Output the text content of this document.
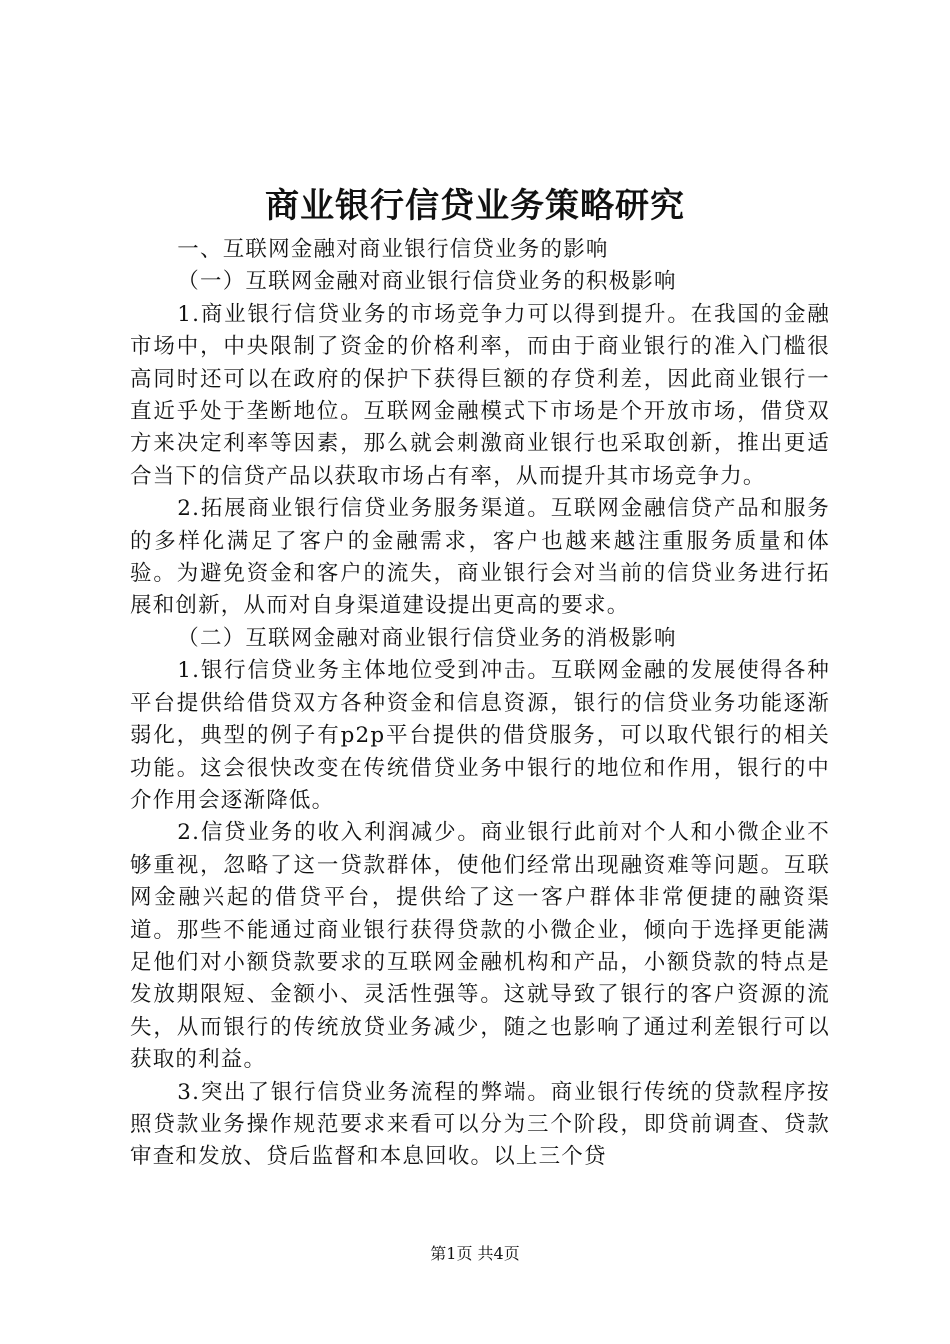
商业银行信贷业务策略研究

一、互联网金融对商业银行信贷业务的影响

（一）互联网金融对商业银行信贷业务的积极影响

1.商业银行信贷业务的市场竞争力可以得到提升。在我国的金融市场中，中央限制了资金的价格利率，而由于商业银行的准入门槛很高同时还可以在政府的保护下获得巨额的存贷利差，因此商业银行一直近乎处于垄断地位。互联网金融模式下市场是个开放市场，借贷双方来决定利率等因素，那么就会刺激商业银行也采取创新，推出更适合当下的信贷产品以获取市场占有率，从而提升其市场竞争力。

2.拓展商业银行信贷业务服务渠道。互联网金融信贷产品和服务的多样化满足了客户的金融需求，客户也越来越注重服务质量和体验。为避免资金和客户的流失，商业银行会对当前的信贷业务进行拓展和创新，从而对自身渠道建设提出更高的要求。

（二）互联网金融对商业银行信贷业务的消极影响

1.银行信贷业务主体地位受到冲击。互联网金融的发展使得各种平台提供给借贷双方各种资金和信息资源，银行的信贷业务功能逐渐弱化，典型的例子有p2p平台提供的借贷服务，可以取代银行的相关功能。这会很快改变在传统借贷业务中银行的地位和作用，银行的中介作用会逐渐降低。

2.信贷业务的收入利润减少。商业银行此前对个人和小微企业不够重视，忽略了这一贷款群体，使他们经常出现融资难等问题。互联网金融兴起的借贷平台，提供给了这一客户群体非常便捷的融资渠道。那些不能通过商业银行获得贷款的小微企业，倾向于选择更能满足他们对小额贷款要求的互联网金融机构和产品，小额贷款的特点是发放期限短、金额小、灵活性强等。这就导致了银行的客户资源的流失，从而银行的传统放贷业务减少，随之也影响了通过利差银行可以获取的利益。

3.突出了银行信贷业务流程的弊端。商业银行传统的贷款程序按照贷款业务操作规范要求来看可以分为三个阶段，即贷前调查、贷款审查和发放、贷后监督和本息回收。以上三个贷

第1页 共4页
